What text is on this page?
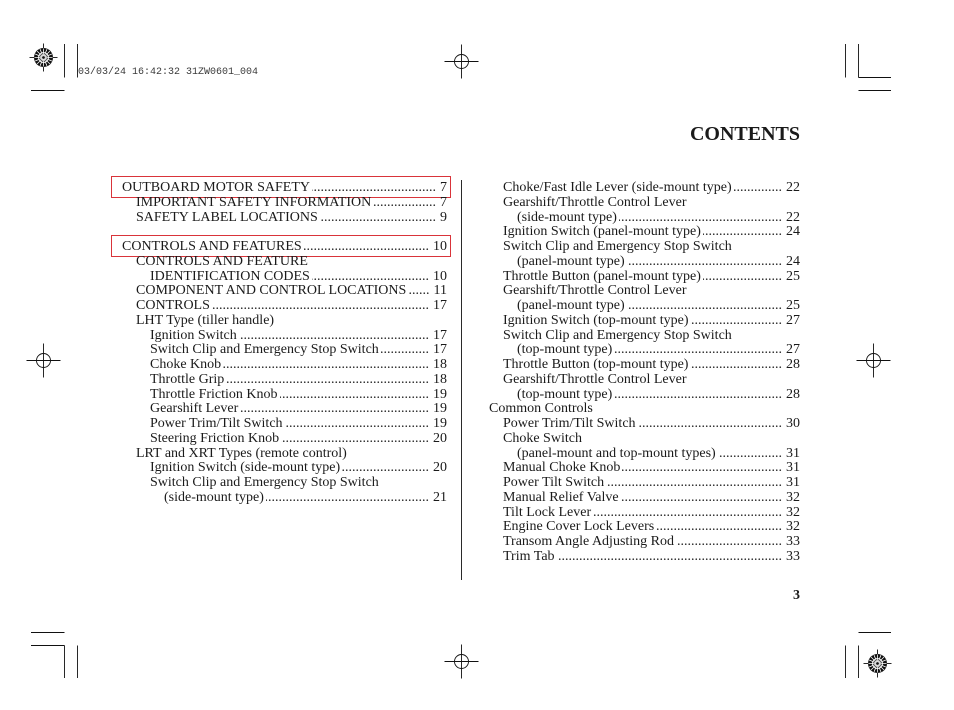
03/03/24 16:42:32 31ZW0601_004
CONTENTS
OUTBOARD MOTOR SAFETY .....	7
IMPORTANT SAFETY INFORMATION .....	7
SAFETY LABEL LOCATIONS .....	9
CONTROLS AND FEATURES .....	10
CONTROLS AND FEATURE
IDENTIFICATION CODES .....	10
COMPONENT AND CONTROL LOCATIONS ..... 11
CONTROLS .....	17
LHT Type (tiller handle)
Ignition Switch .....	17
Switch Clip and Emergency Stop Switch .....	17
Choke Knob .....	18
Throttle Grip .....	18
Throttle Friction Knob .....	19
Gearshift Lever .....	19
Power Trim/Tilt Switch .....	19
Steering Friction Knob .....	20
LRT and XRT Types (remote control)
Ignition Switch (side-mount type) .....	20
Switch Clip and Emergency Stop Switch
(side-mount type) .....	21
Choke/Fast Idle Lever (side-mount type) .....	22
Gearshift/Throttle Control Lever
(side-mount type) .....	22
Ignition Switch (panel-mount type) .....	24
Switch Clip and Emergency Stop Switch
(panel-mount type) .....	24
Throttle Button (panel-mount type) .....	25
Gearshift/Throttle Control Lever
(panel-mount type) .....	25
Ignition Switch (top-mount type) .....	27
Switch Clip and Emergency Stop Switch
(top-mount type) .....	27
Throttle Button (top-mount type) .....	28
Gearshift/Throttle Control Lever
(top-mount type) .....	28
Common Controls
Power Trim/Tilt Switch .....	30
Choke Switch
(panel-mount and top-mount types) .....	31
Manual Choke Knob .....	31
Power Tilt Switch .....	31
Manual Relief Valve .....	32
Tilt Lock Lever .....	32
Engine Cover Lock Levers .....	32
Transom Angle Adjusting Rod .....	33
Trim Tab .....	33
3
